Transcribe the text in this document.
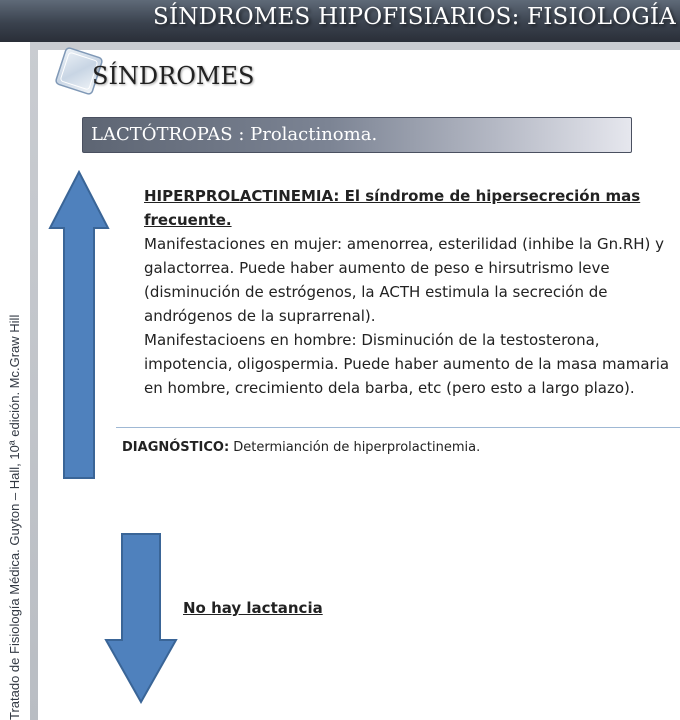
SÍNDROMES HIPOFISIARIOS: FISIOLOGÍA
Tratado de Fisiología Médica. Guyton – Hall, 10ª edición. Mc.Graw Hill
SÍNDROMES
LACTÓTROPAS : Prolactinoma.

HIPERPROLACTINEMIA: El síndrome de hipersecreción mas frecuente.

Manifestaciones en mujer: amenorrea, esterilidad (inhibe la Gn.RH) y galactorrea. Puede haber aumento de peso e hirsutrismo leve (disminución de estrógenos, la ACTH estimula la secreción de andrógenos de la suprarrenal).

Manifestacioens en hombre: Disminución de la testosterona, impotencia, oligospermia. Puede haber aumento de la masa mamaria en hombre, crecimiento dela barba, etc (pero esto a largo plazo).

DIAGNÓSTICO: Determianción de hiperprolactinemia.
No hay lactancia
